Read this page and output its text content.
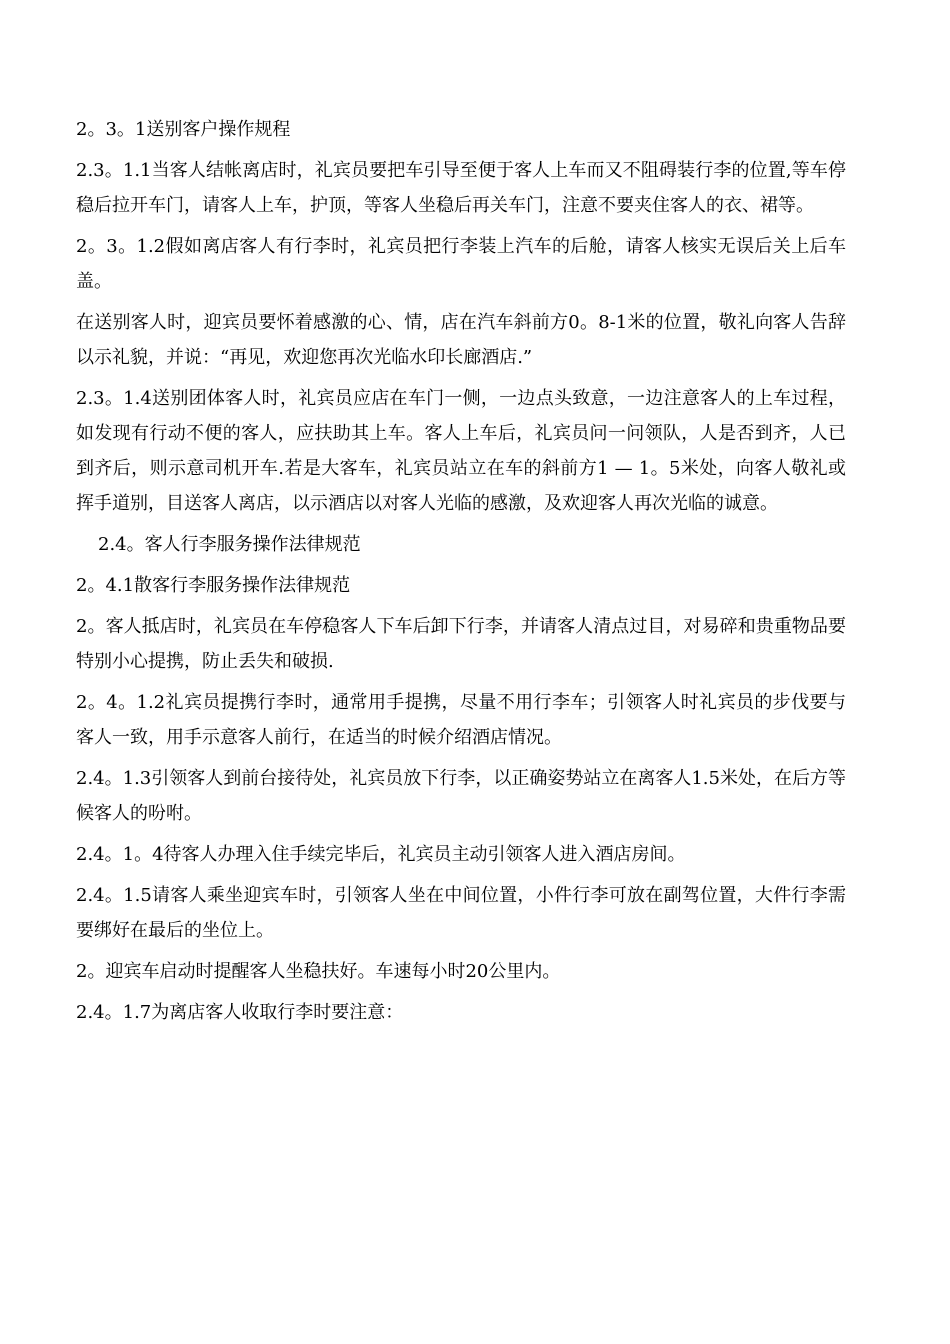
2。3。1送别客户操作规程

2.3。1.1当客人结帐离店时，礼宾员要把车引导至便于客人上车而又不阻碍装行李的位置,等车停稳后拉开车门，请客人上车，护顶，等客人坐稳后再关车门，注意不要夹住客人的衣、裙等。

2。3。1.2假如离店客人有行李时，礼宾员把行李装上汽车的后舱，请客人核实无误后关上后车盖。

在送别客人时，迎宾员要怀着感激的心、情，店在汽车斜前方0。8-1米的位置，敬礼向客人告辞以示礼貌，并说：“再见，欢迎您再次光临水印长廊酒店.”

2.3。1.4送别团体客人时，礼宾员应店在车门一侧，一边点头致意，一边注意客人的上车过程，如发现有行动不便的客人，应扶助其上车。客人上车后，礼宾员问一问领队，人是否到齐，人已到齐后，则示意司机开车.若是大客车，礼宾员站立在车的斜前方1 — 1。5米处，向客人敬礼或挥手道别，目送客人离店，以示酒店以对客人光临的感激，及欢迎客人再次光临的诚意。

2.4。客人行李服务操作法律规范

2。4.1散客行李服务操作法律规范

2。客人抵店时，礼宾员在车停稳客人下车后卸下行李，并请客人清点过目，对易碎和贵重物品要特别小心提携，防止丢失和破损.

2。4。1.2礼宾员提携行李时，通常用手提携，尽量不用行李车；引领客人时礼宾员的步伐要与客人一致，用手示意客人前行，在适当的时候介绍酒店情况。

2.4。1.3引领客人到前台接待处，礼宾员放下行李，以正确姿势站立在离客人1.5米处，在后方等候客人的吩咐。

2.4。1。4待客人办理入住手续完毕后，礼宾员主动引领客人进入酒店房间。

2.4。1.5请客人乘坐迎宾车时，引领客人坐在中间位置，小件行李可放在副驾位置，大件行李需要绑好在最后的坐位上。

2。迎宾车启动时提醒客人坐稳扶好。车速每小时20公里内。

2.4。1.7为离店客人收取行李时要注意：
